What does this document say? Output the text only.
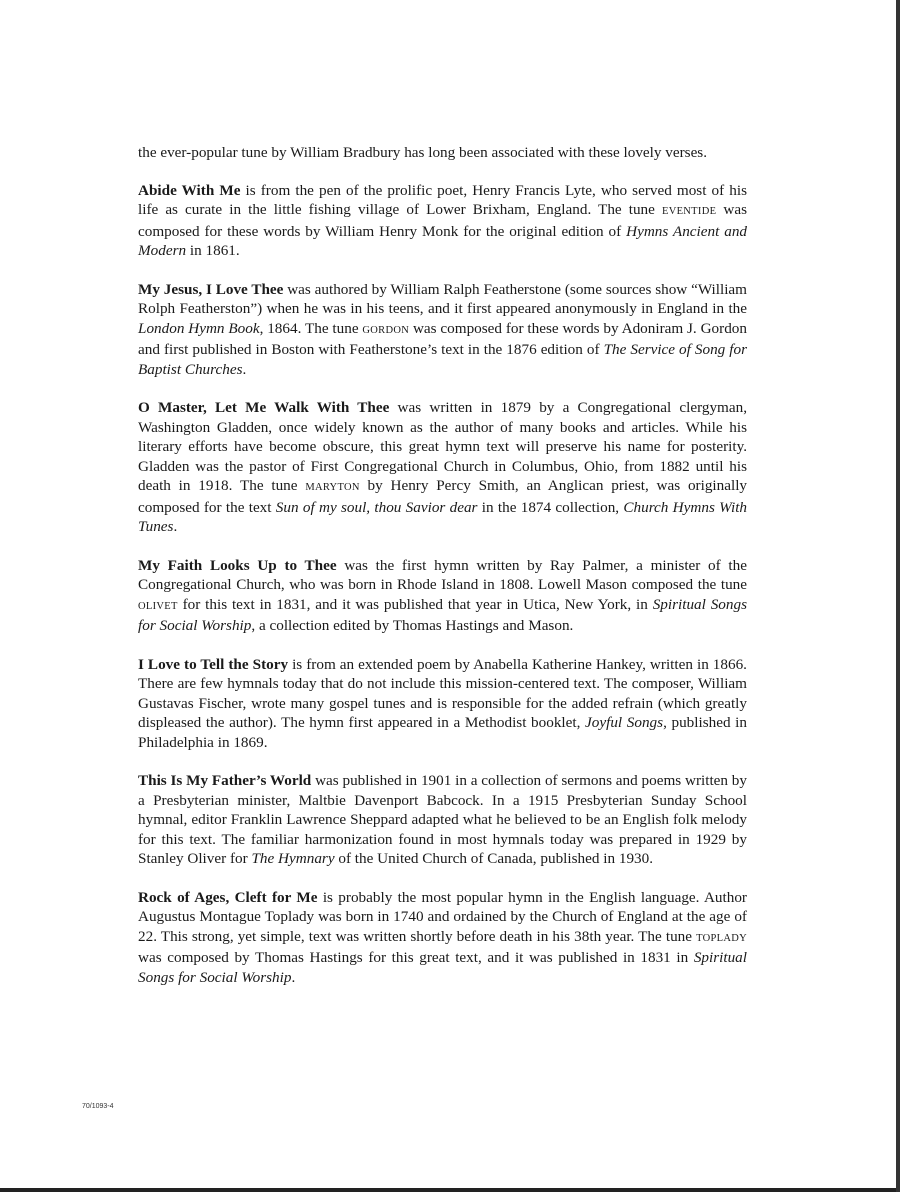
the ever-popular tune by William Bradbury has long been associated with these lovely verses.

Abide With Me is from the pen of the prolific poet, Henry Francis Lyte, who served most of his life as curate in the little fishing village of Lower Brixham, England. The tune EVENTIDE was composed for these words by William Henry Monk for the original edition of Hymns Ancient and Modern in 1861.

My Jesus, I Love Thee was authored by William Ralph Featherstone (some sources show “William Rolph Featherston”) when he was in his teens, and it first appeared anonymously in England in the London Hymn Book, 1864. The tune GORDON was composed for these words by Adoniram J. Gordon and first published in Boston with Featherstone’s text in the 1876 edition of The Service of Song for Baptist Churches.

O Master, Let Me Walk With Thee was written in 1879 by a Congregational clergyman, Washington Gladden, once widely known as the author of many books and articles. While his literary efforts have become obscure, this great hymn text will preserve his name for posterity. Gladden was the pastor of First Congregational Church in Columbus, Ohio, from 1882 until his death in 1918. The tune MARYTON by Henry Percy Smith, an Anglican priest, was originally composed for the text Sun of my soul, thou Savior dear in the 1874 collection, Church Hymns With Tunes.

My Faith Looks Up to Thee was the first hymn written by Ray Palmer, a minister of the Congregational Church, who was born in Rhode Island in 1808. Lowell Mason composed the tune OLIVET for this text in 1831, and it was published that year in Utica, New York, in Spiritual Songs for Social Worship, a collection edited by Thomas Hastings and Mason.

I Love to Tell the Story is from an extended poem by Anabella Katherine Hankey, written in 1866. There are few hymnals today that do not include this mission-centered text. The composer, William Gustavas Fischer, wrote many gospel tunes and is responsible for the added refrain (which greatly displeased the author). The hymn first appeared in a Methodist booklet, Joyful Songs, published in Philadelphia in 1869.

This Is My Father’s World was published in 1901 in a collection of sermons and poems written by a Presbyterian minister, Maltbie Davenport Babcock. In a 1915 Presbyterian Sunday School hymnal, editor Franklin Lawrence Sheppard adapted what he believed to be an English folk melody for this text. The familiar harmonization found in most hymnals today was prepared in 1929 by Stanley Oliver for The Hymnary of the United Church of Canada, published in 1930.

Rock of Ages, Cleft for Me is probably the most popular hymn in the English language. Author Augustus Montague Toplady was born in 1740 and ordained by the Church of England at the age of 22. This strong, yet simple, text was written shortly before death in his 38th year. The tune TOPLADY was composed by Thomas Hastings for this great text, and it was published in 1831 in Spiritual Songs for Social Worship.

70/1093-4
